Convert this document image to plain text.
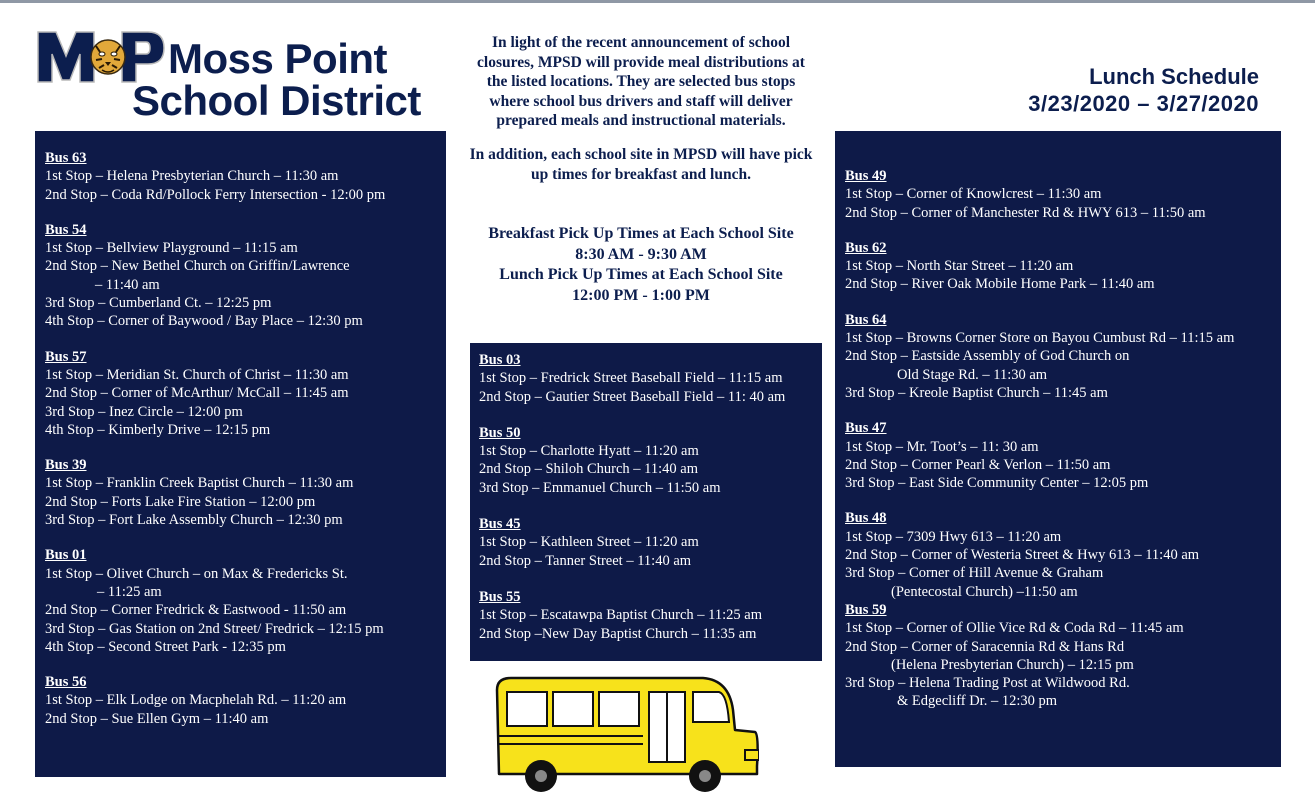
Moss Point
School District
Lunch Schedule
3/23/2020 – 3/27/2020

In light of the recent announcement of school closures, MPSD will provide meal distributions at the listed locations. They are selected bus stops where school bus drivers and staff will deliver prepared meals and instructional materials.

In addition, each school site in MPSD will have pick up times for breakfast and lunch.

Breakfast Pick Up Times at Each School Site

8:30 AM - 9:30 AM

Lunch Pick Up Times at Each School Site

12:00 PM - 1:00 PM

Bus 63
1st Stop – Helena Presbyterian Church – 11:30 am
2nd Stop – Coda Rd/Pollock Ferry Intersection - 12:00 pm
Bus 54
1st Stop – Bellview Playground – 11:15 am
2nd Stop – New Bethel Church on Griffin/Lawrence
– 11:40 am
3rd Stop – Cumberland Ct. – 12:25 pm
4th Stop – Corner of Baywood / Bay Place – 12:30 pm
Bus 57
1st Stop – Meridian St. Church of Christ – 11:30 am
2nd Stop – Corner of McArthur/ McCall – 11:45 am
3rd Stop – Inez Circle – 12:00 pm
4th Stop – Kimberly Drive – 12:15 pm
Bus 39
1st Stop – Franklin Creek Baptist Church – 11:30 am
2nd Stop – Forts Lake Fire Station – 12:00 pm
3rd Stop – Fort Lake Assembly Church – 12:30 pm
Bus 01
1st Stop – Olivet Church – on Max & Fredericks St.
– 11:25 am
2nd Stop – Corner Fredrick & Eastwood - 11:50 am
3rd Stop – Gas Station on 2nd Street/ Fredrick – 12:15 pm
4th Stop – Second Street Park - 12:35 pm
Bus 56
1st Stop – Elk Lodge on Macphelah Rd. – 11:20 am
2nd Stop – Sue Ellen Gym – 11:40 am
Bus 03
1st Stop – Fredrick Street Baseball Field – 11:15 am
2nd Stop – Gautier Street Baseball Field – 11: 40 am
Bus 50
1st Stop – Charlotte Hyatt – 11:20 am
2nd Stop – Shiloh Church – 11:40 am
3rd Stop – Emmanuel Church – 11:50 am
Bus 45
1st Stop – Kathleen Street – 11:20 am
2nd Stop – Tanner Street – 11:40 am
Bus 55
1st Stop – Escatawpa Baptist Church – 11:25 am
2nd Stop –New Day Baptist Church – 11:35 am
Bus 49
1st Stop – Corner of Knowlcrest – 11:30 am
2nd Stop – Corner of Manchester Rd & HWY 613 – 11:50 am
Bus 62
1st Stop – North Star Street – 11:20 am
2nd Stop – River Oak Mobile Home Park – 11:40 am
Bus 64
1st Stop – Browns Corner Store on Bayou Cumbust Rd – 11:15 am
2nd Stop – Eastside Assembly of God Church on
Old Stage Rd. – 11:30 am
3rd Stop – Kreole Baptist Church – 11:45 am
Bus 47
1st Stop – Mr. Toot’s – 11: 30 am
2nd Stop – Corner Pearl & Verlon – 11:50 am
3rd Stop – East Side Community Center – 12:05 pm
Bus 48
1st Stop – 7309 Hwy 613 – 11:20 am
2nd Stop – Corner of Westeria Street & Hwy 613 – 11:40 am
3rd Stop – Corner of Hill Avenue & Graham
(Pentecostal Church) –11:50 am
Bus 59
1st Stop – Corner of Ollie Vice Rd & Coda Rd – 11:45 am
2nd Stop – Corner of Saracennia Rd & Hans Rd
(Helena Presbyterian Church) – 12:15 pm
3rd Stop – Helena Trading Post at Wildwood Rd.
& Edgecliff Dr. – 12:30 pm
